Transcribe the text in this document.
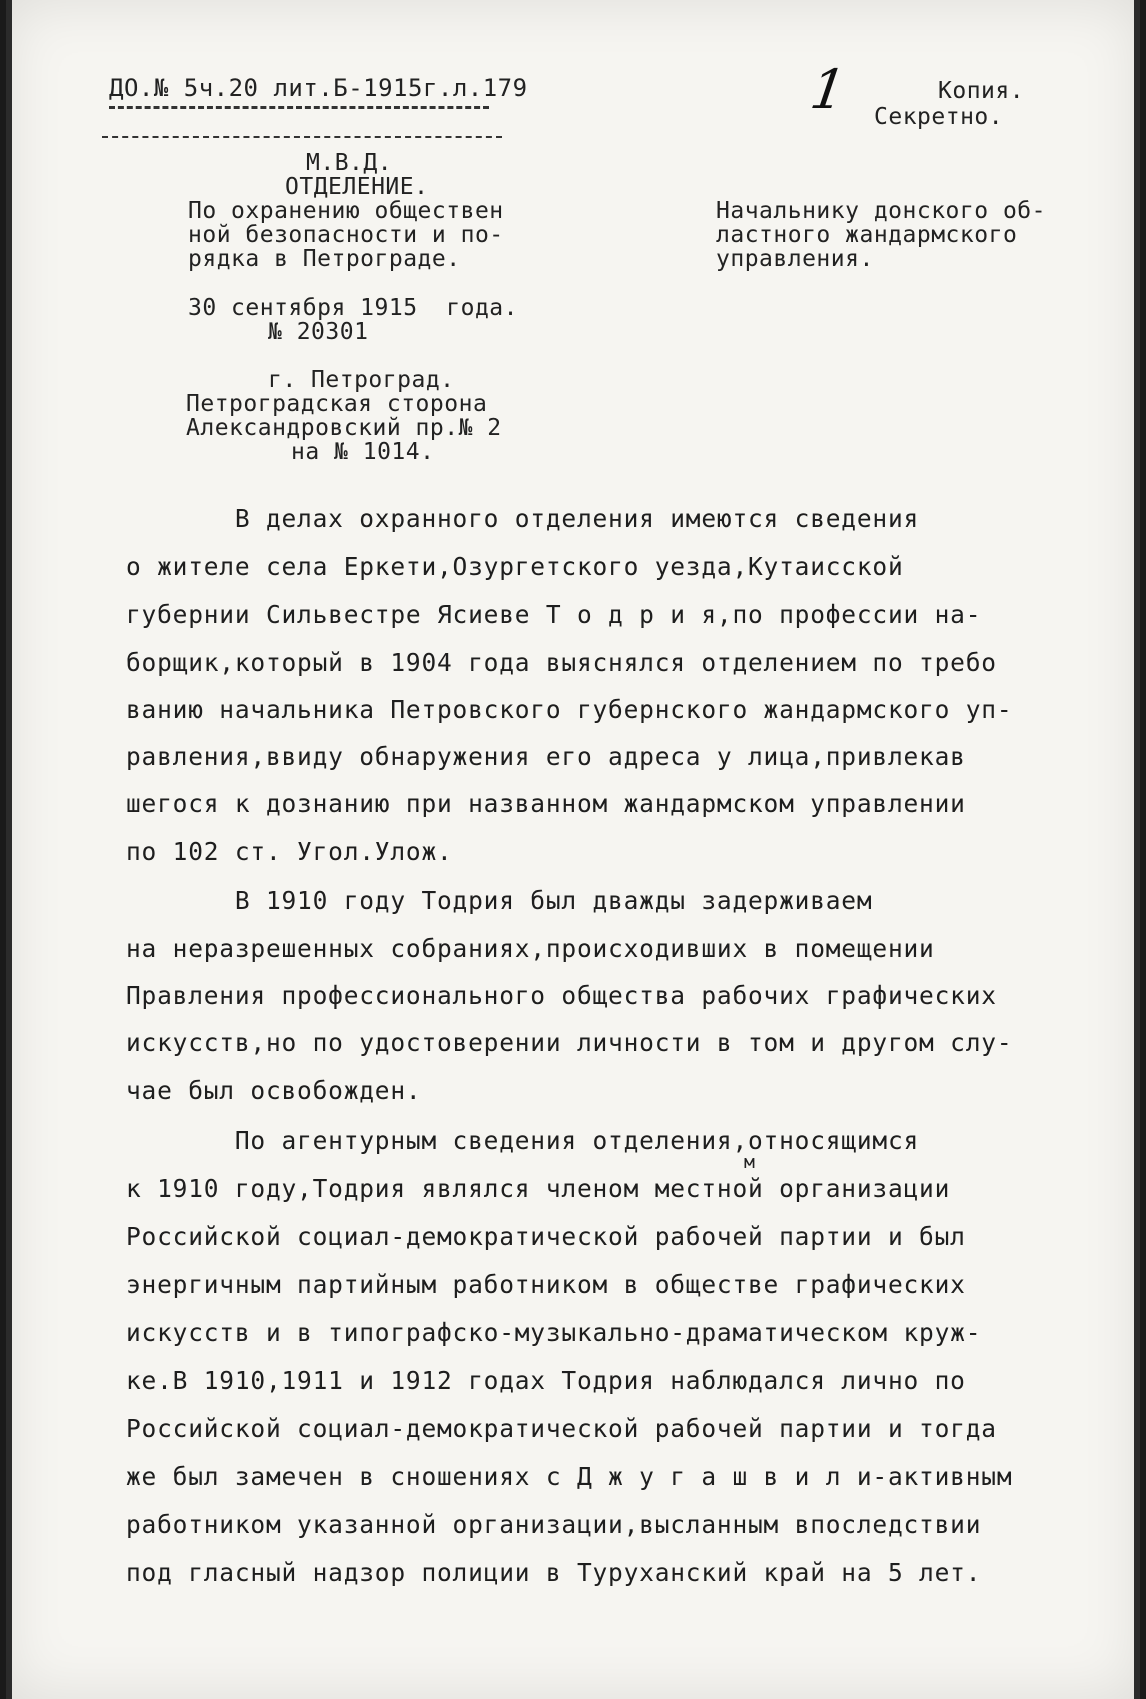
ДО.№ 5ч.20 лит.Б-1915г.л.179	1	Копия.
Секретно.
М.В.Д.
ОТДЕЛЕНИЕ.
По охранению обществен
ной безопасности и по-
рядка в Петрограде.
30 сентября 1915  года.
№ 20301
г. Петроград.
Петроградская сторона
Александровский пр.№ 2
на № 1014.
Начальнику донского об-
ластного жандармского
управления.
В делах охранного отделения имеются сведения
о жителе села Еркети,Озургетского уезда,Кутаисской
губернии Сильвестре Ясиеве Т о д р и я,по профессии на-
борщик,который в 1904 года выяснялся отделением по требо
ванию начальника Петровского губернского жандармского уп-
равления,ввиду обнаружения его адреса у лица,привлекав
шегося к дознанию при названном жандармском управлении
по 102 ст. Угол.Улож.
В 1910 году Тодрия был дважды задерживаем
на неразрешенных собраниях,происходивших в помещении
Правления профессионального общества рабочих графических
искусств,но по удостоверении личности в том и другом слу-
чае был освобожден.
По агентурным сведения отделения,относящимся
м
к 1910 году,Тодрия являлся членом местной организации
Российской социал-демократической рабочей партии и был
энергичным партийным работником в обществе графических
искусств и в типографско-музыкально-драматическом круж-
ке.В 1910,1911 и 1912 годах Тодрия наблюдался лично по
Российской социал-демократической рабочей партии и тогда
же был замечен в сношениях с Д ж у г а ш в и л и-активным
работником указанной организации,высланным впоследствии
под гласный надзор полиции в Туруханский край на 5 лет.
